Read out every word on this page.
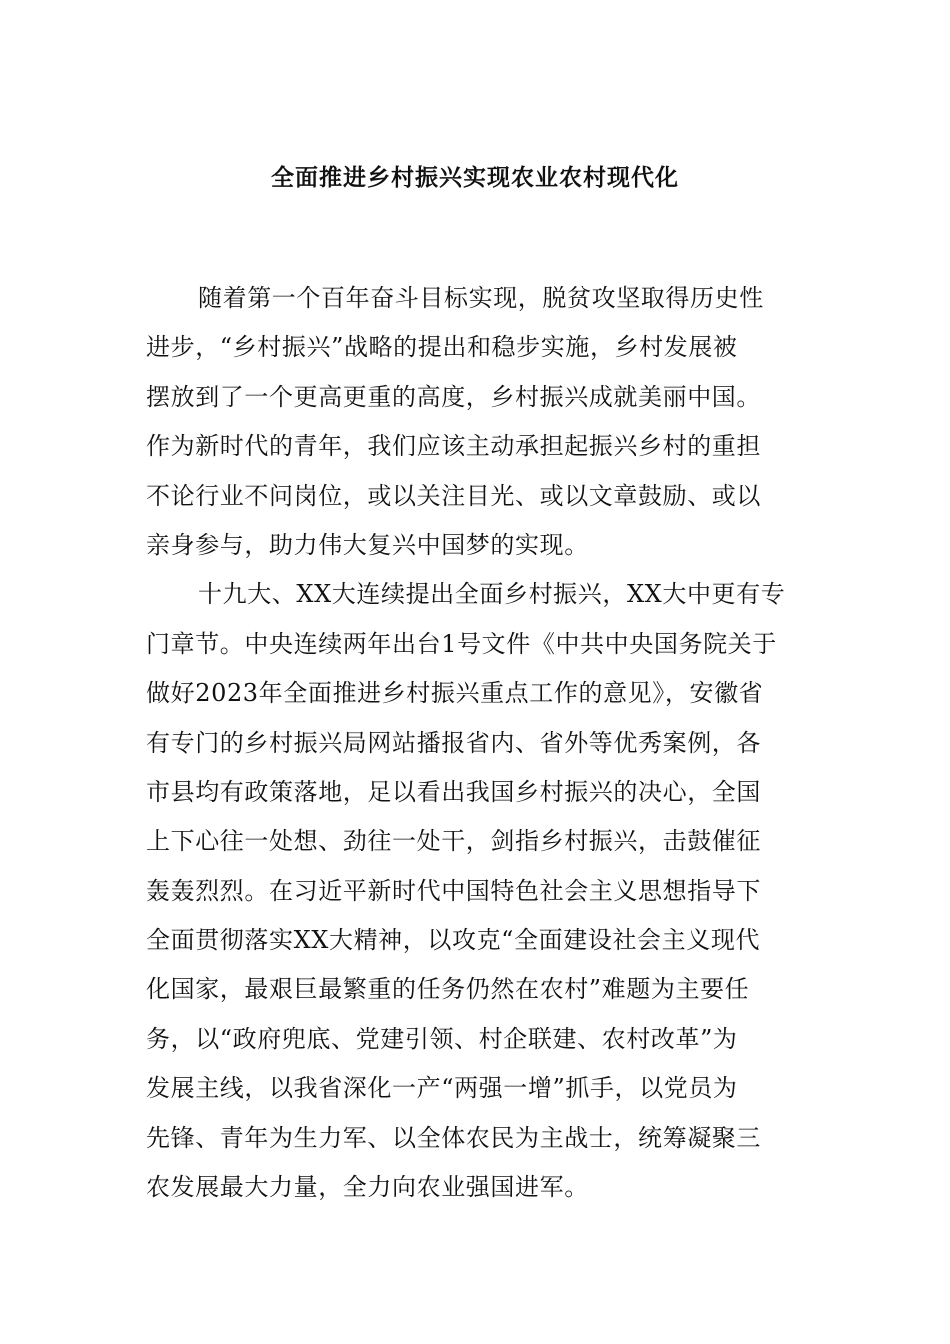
全面推进乡村振兴实现农业农村现代化
随着第一个百年奋斗目标实现，脱贫攻坚取得历史性
进步，“乡村振兴”战略的提出和稳步实施，乡村发展被
摆放到了一个更高更重的高度，乡村振兴成就美丽中国。
作为新时代的青年，我们应该主动承担起振兴乡村的重担
不论行业不问岗位，或以关注目光、或以文章鼓励、或以
亲身参与，助力伟大复兴中国梦的实现。
十九大、XX大连续提出全面乡村振兴，XX大中更有专
门章节。中央连续两年出台1号文件《中共中央国务院关于
做好2023年全面推进乡村振兴重点工作的意见》，安徽省
有专门的乡村振兴局网站播报省内、省外等优秀案例，各
市县均有政策落地，足以看出我国乡村振兴的决心，全国
上下心往一处想、劲往一处干，剑指乡村振兴，击鼓催征
轰轰烈烈。在习近平新时代中国特色社会主义思想指导下
全面贯彻落实XX大精神，以攻克“全面建设社会主义现代
化国家，最艰巨最繁重的任务仍然在农村”难题为主要任
务，以“政府兜底、党建引领、村企联建、农村改革”为
发展主线，以我省深化一产“两强一增”抓手，以党员为
先锋、青年为生力军、以全体农民为主战士，统筹凝聚三
农发展最大力量，全力向农业强国进军。
